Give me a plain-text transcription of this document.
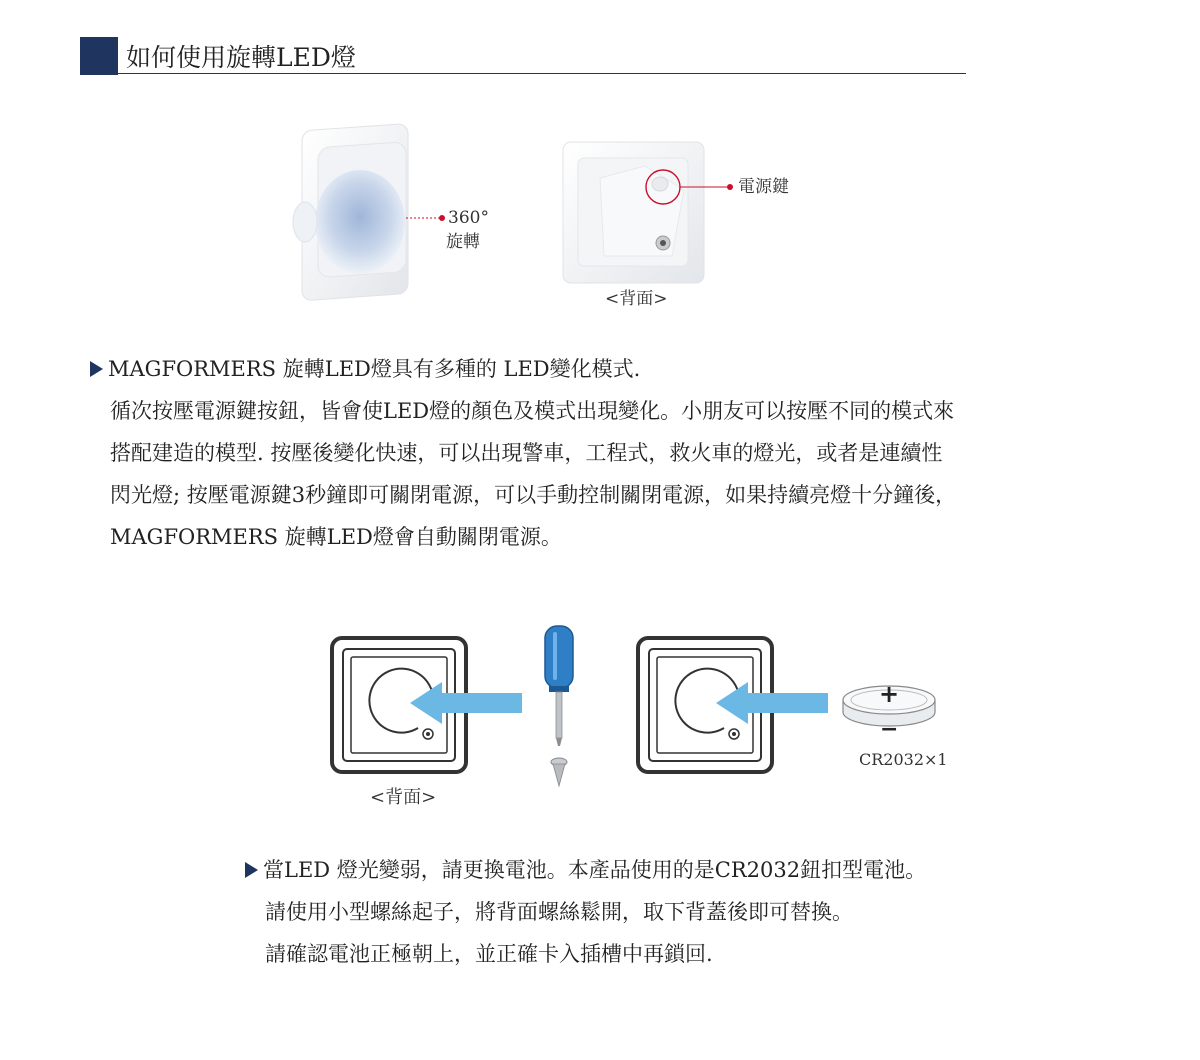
如何使用旋轉LED燈
360°
旋轉
電源鍵
<背面>

MAGFORMERS 旋轉LED燈具有多種的 LED變化模式.

循次按壓電源鍵按鈕，皆會使LED燈的顏色及模式出現變化。小朋友可以按壓不同的模式來

搭配建造的模型. 按壓後變化快速，可以出現警車，工程式，救火車的燈光，或者是連續性

閃光燈; 按壓電源鍵3秒鐘即可關閉電源，可以手動控制關閉電源，如果持續亮燈十分鐘後，

MAGFORMERS 旋轉LED燈會自動關閉電源。

+
−
CR2032×1
<背面>

當LED 燈光變弱，請更換電池。本產品使用的是CR2032鈕扣型電池。

請使用小型螺絲起子，將背面螺絲鬆開，取下背蓋後即可替換。

請確認電池正極朝上，並正確卡入插槽中再鎖回.
